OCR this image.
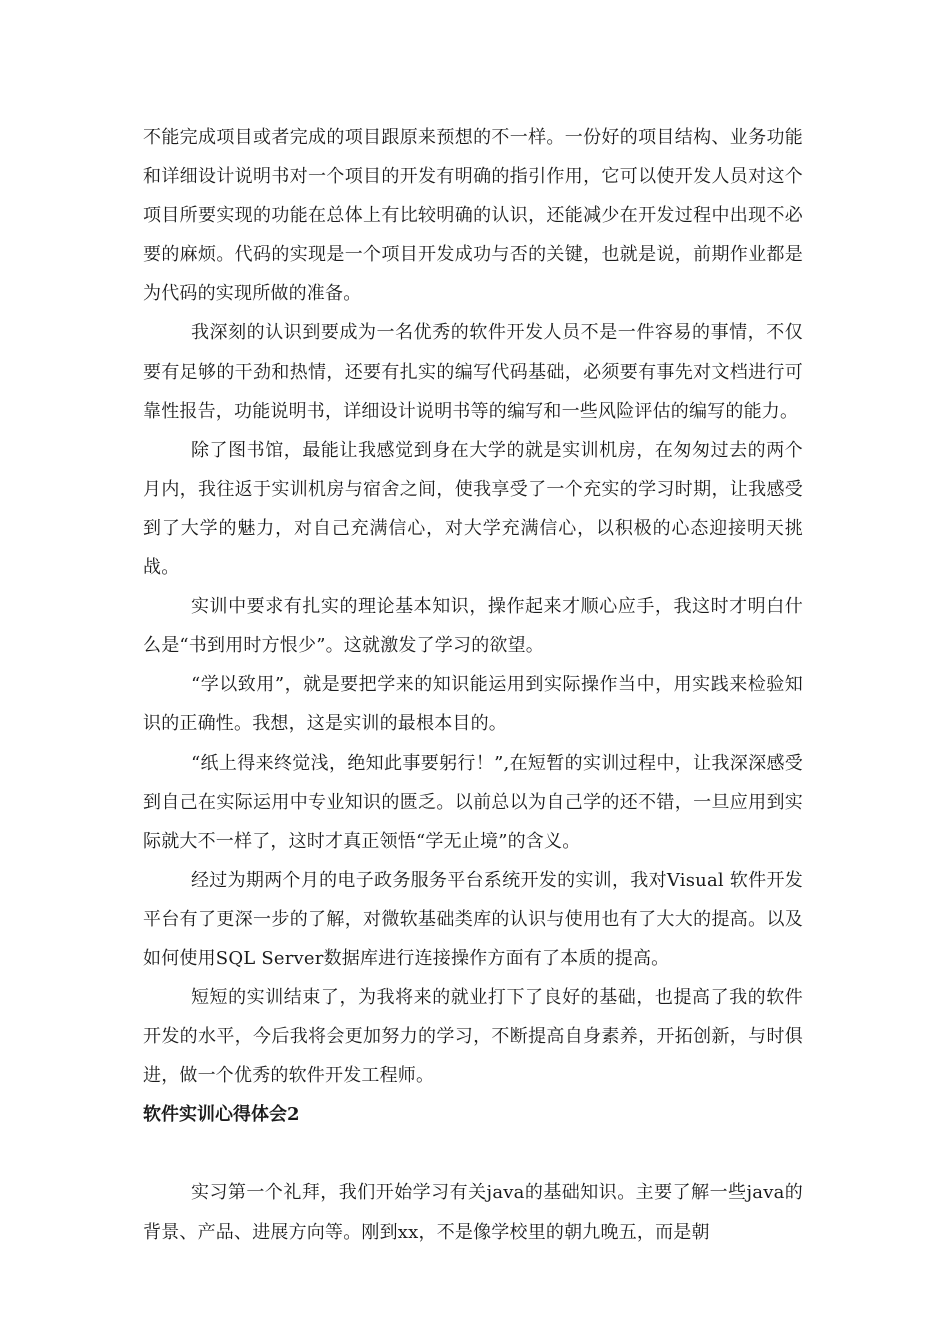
不能完成项目或者完成的项目跟原来预想的不一样。一份好的项目结构、业务功能和详细设计说明书对一个项目的开发有明确的指引作用，它可以使开发人员对这个项目所要实现的功能在总体上有比较明确的认识，还能减少在开发过程中出现不必要的麻烦。代码的实现是一个项目开发成功与否的关键，也就是说，前期作业都是为代码的实现所做的准备。

我深刻的认识到要成为一名优秀的软件开发人员不是一件容易的事情，不仅要有足够的干劲和热情，还要有扎实的编写代码基础，必须要有事先对文档进行可靠性报告，功能说明书，详细设计说明书等的编写和一些风险评估的编写的能力。

除了图书馆，最能让我感觉到身在大学的就是实训机房，在匆匆过去的两个月内，我往返于实训机房与宿舍之间，使我享受了一个充实的学习时期，让我感受到了大学的魅力，对自己充满信心，对大学充满信心，以积极的心态迎接明天挑战。

实训中要求有扎实的理论基本知识，操作起来才顺心应手，我这时才明白什么是“书到用时方恨少”。这就激发了学习的欲望。

“学以致用”，就是要把学来的知识能运用到实际操作当中，用实践来检验知识的正确性。我想，这是实训的最根本目的。

“纸上得来终觉浅，绝知此事要躬行！”,在短暂的实训过程中，让我深深感受到自己在实际运用中专业知识的匮乏。以前总以为自己学的还不错，一旦应用到实际就大不一样了，这时才真正领悟“学无止境”的含义。

经过为期两个月的电子政务服务平台系统开发的实训，我对Visual 软件开发平台有了更深一步的了解，对微软基础类库的认识与使用也有了大大的提高。以及如何使用SQL Server数据库进行连接操作方面有了本质的提高。

短短的实训结束了，为我将来的就业打下了良好的基础，也提高了我的软件开发的水平，今后我将会更加努力的学习，不断提高自身素养，开拓创新，与时俱进，做一个优秀的软件开发工程师。

软件实训心得体会2

实习第一个礼拜，我们开始学习有关java的基础知识。主要了解一些java的背景、产品、进展方向等。刚到xx，不是像学校里的朝九晚五，而是朝
